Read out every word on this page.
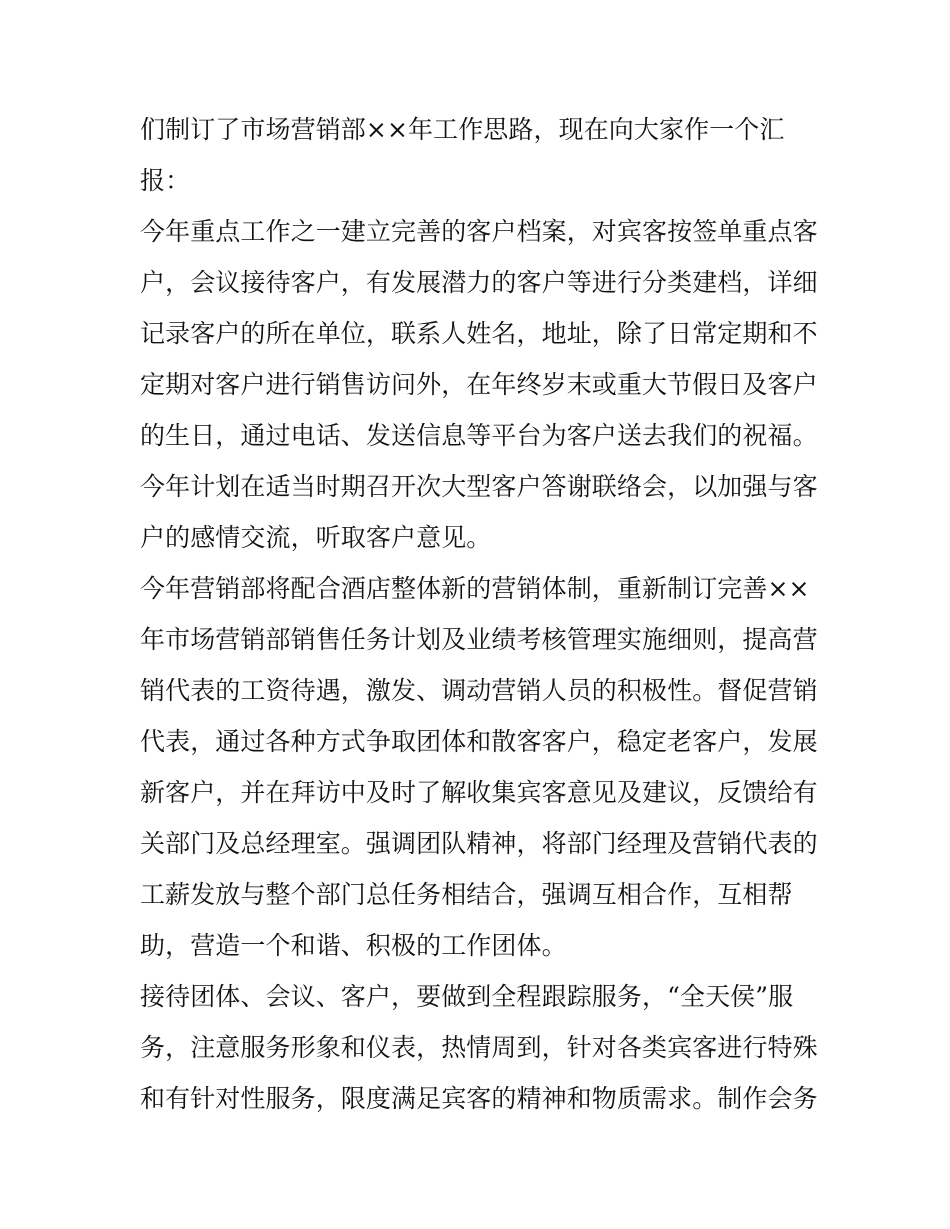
们制订了市场营销部××年工作思路，现在向大家作一个汇
报：
今年重点工作之一建立完善的客户档案，对宾客按签单重点客
户，会议接待客户，有发展潜力的客户等进行分类建档，详细
记录客户的所在单位，联系人姓名，地址，除了日常定期和不
定期对客户进行销售访问外，在年终岁末或重大节假日及客户
的生日，通过电话、发送信息等平台为客户送去我们的祝福。
今年计划在适当时期召开次大型客户答谢联络会，以加强与客
户的感情交流，听取客户意见。
今年营销部将配合酒店整体新的营销体制，重新制订完善××
年市场营销部销售任务计划及业绩考核管理实施细则，提高营
销代表的工资待遇，激发、调动营销人员的积极性。督促营销
代表，通过各种方式争取团体和散客客户，稳定老客户，发展
新客户，并在拜访中及时了解收集宾客意见及建议，反馈给有
关部门及总经理室。强调团队精神，将部门经理及营销代表的
工薪发放与整个部门总任务相结合，强调互相合作，互相帮
助，营造一个和谐、积极的工作团体。
接待团体、会议、客户，要做到全程跟踪服务，“全天侯”服
务，注意服务形象和仪表，热情周到，针对各类宾客进行特殊
和有针对性服务，限度满足宾客的精神和物质需求。制作会务
